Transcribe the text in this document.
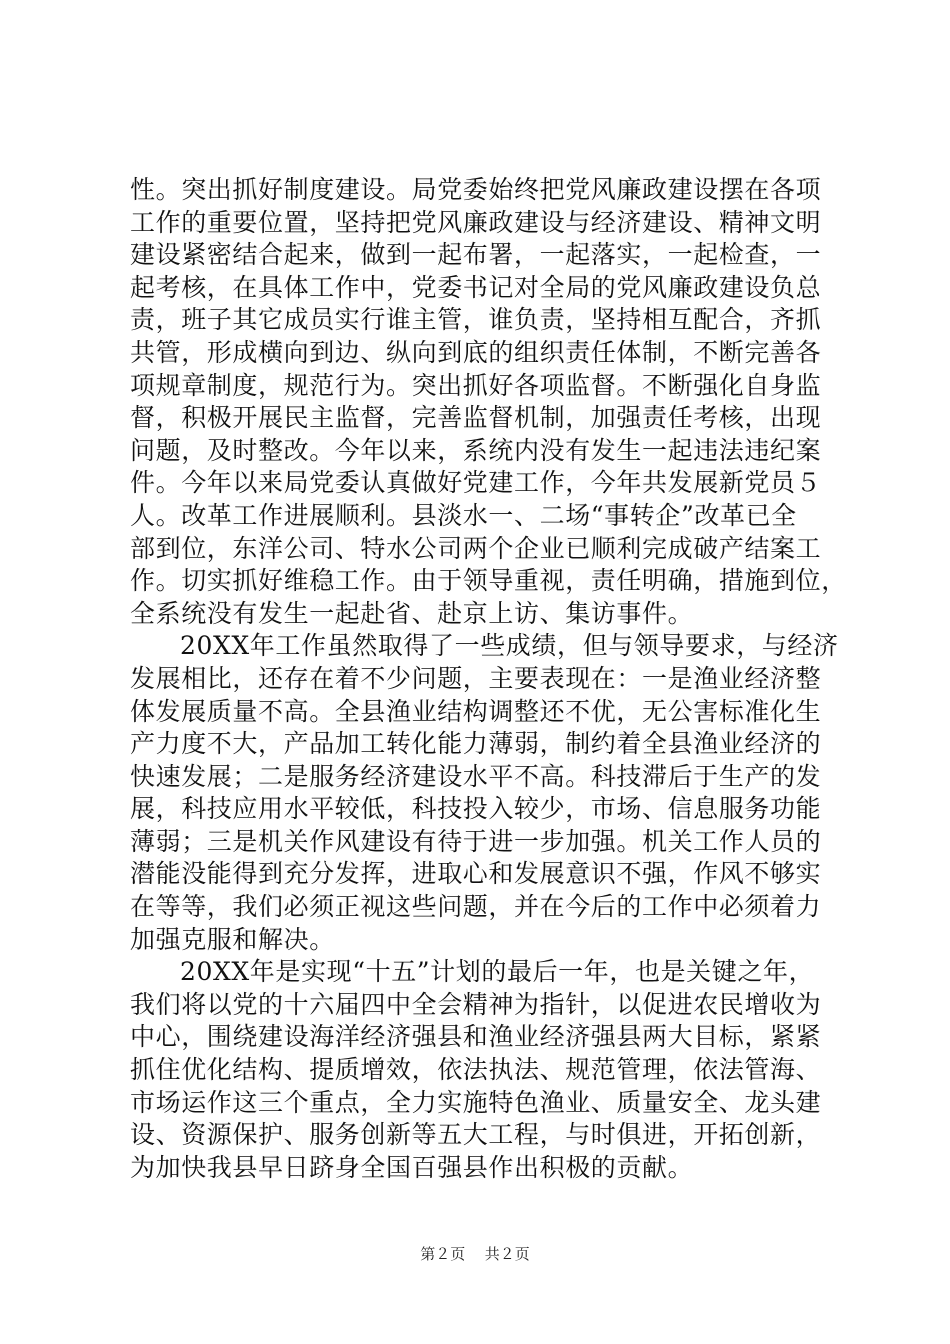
性。突出抓好制度建设。局党委始终把党风廉政建设摆在各项
工作的重要位置，坚持把党风廉政建设与经济建设、精神文明
建设紧密结合起来，做到一起布署，一起落实，一起检查，一
起考核，在具体工作中，党委书记对全局的党风廉政建设负总
责，班子其它成员实行谁主管，谁负责，坚持相互配合，齐抓
共管，形成横向到边、纵向到底的组织责任体制，不断完善各
项规章制度，规范行为。突出抓好各项监督。不断强化自身监
督，积极开展民主监督，完善监督机制，加强责任考核，出现
问题，及时整改。今年以来，系统内没有发生一起违法违纪案
件。今年以来局党委认真做好党建工作，今年共发展新党员５
人。改革工作进展顺利。县淡水一、二场“事转企”改革已全
部到位，东洋公司、特水公司两个企业已顺利完成破产结案工
作。切实抓好维稳工作。由于领导重视，责任明确，措施到位，
全系统没有发生一起赴省、赴京上访、集访事件。
20XX年工作虽然取得了一些成绩，但与领导要求，与经济
发展相比，还存在着不少问题，主要表现在：一是渔业经济整
体发展质量不高。全县渔业结构调整还不优，无公害标准化生
产力度不大，产品加工转化能力薄弱，制约着全县渔业经济的
快速发展；二是服务经济建设水平不高。科技滞后于生产的发
展，科技应用水平较低，科技投入较少，市场、信息服务功能
薄弱；三是机关作风建设有待于进一步加强。机关工作人员的
潜能没能得到充分发挥，进取心和发展意识不强，作风不够实
在等等，我们必须正视这些问题，并在今后的工作中必须着力
加强克服和解决。
20XX年是实现“十五”计划的最后一年，也是关键之年，
我们将以党的十六届四中全会精神为指针，以促进农民增收为
中心，围绕建设海洋经济强县和渔业经济强县两大目标，紧紧
抓住优化结构、提质增效，依法执法、规范管理，依法管海、
市场运作这三个重点，全力实施特色渔业、质量安全、龙头建
设、资源保护、服务创新等五大工程，与时俱进，开拓创新，
为加快我县早日跻身全国百强县作出积极的贡献。
第２页 共２页
